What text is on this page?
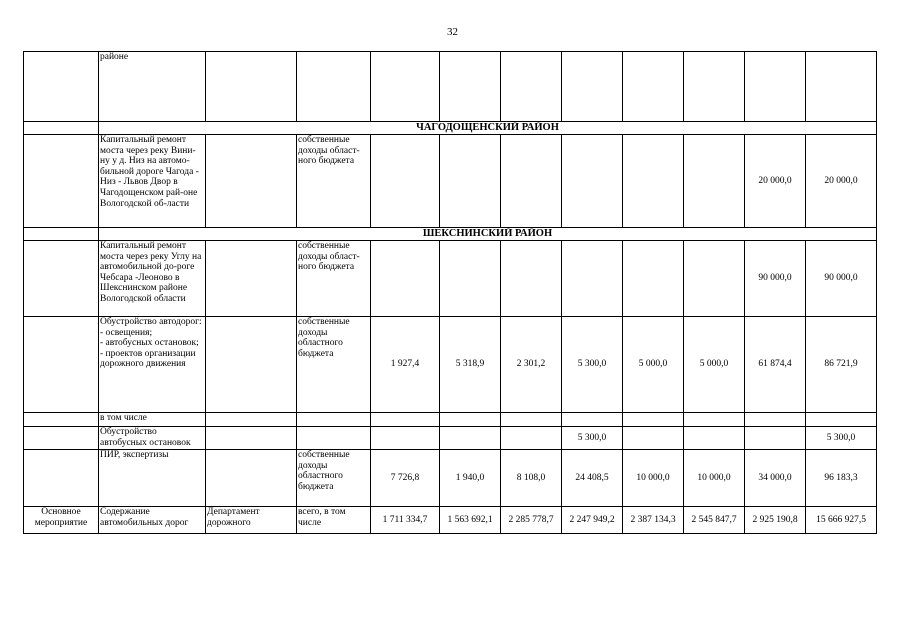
32
	районе										
	ЧАГОДОЩЕНСКИЙ РАЙОН										
	Капитальный ремонт моста через реку Вини-ну у д. Низ на автомо-бильной дороге Чагода - Низ - Львов Двор в Чагодощенском рай-оне Вологодской об-ласти		собственные доходы област-ного бюджета							20 000,0	20 000,0
	ШЕКСНИНСКИЙ РАЙОН										
	Капитальный ремонт моста через реку Углу на автомобильной до-роге Чебсара -Леоново в Шекснинском районе Вологодской области		собственные доходы област-ного бюджета							90 000,0	90 000,0
	Обустройство автодорог:
- освещения;
- автобусных остановок;
- проектов организации дорожного движения		собственные доходы областного бюджета	1 927,4	5 318,9	2 301,2	5 300,0	5 000,0	5 000,0	61 874,4	86 721,9
	в том числе										
	Обустройство автобусных остановок						5 300,0				5 300,0
	ПИР, экспертизы		собственные доходы областного бюджета	7 726,8	1 940,0	8 108,0	24 408,5	10 000,0	10 000,0	34 000,0	96 183,3
Основное мероприятие	Содержание автомобильных дорог	Департамент дорожного	всего, в том числе	1 711 334,7	1 563 692,1	2 285 778,7	2 247 949,2	2 387 134,3	2 545 847,7	2 925 190,8	15 666 927,5
